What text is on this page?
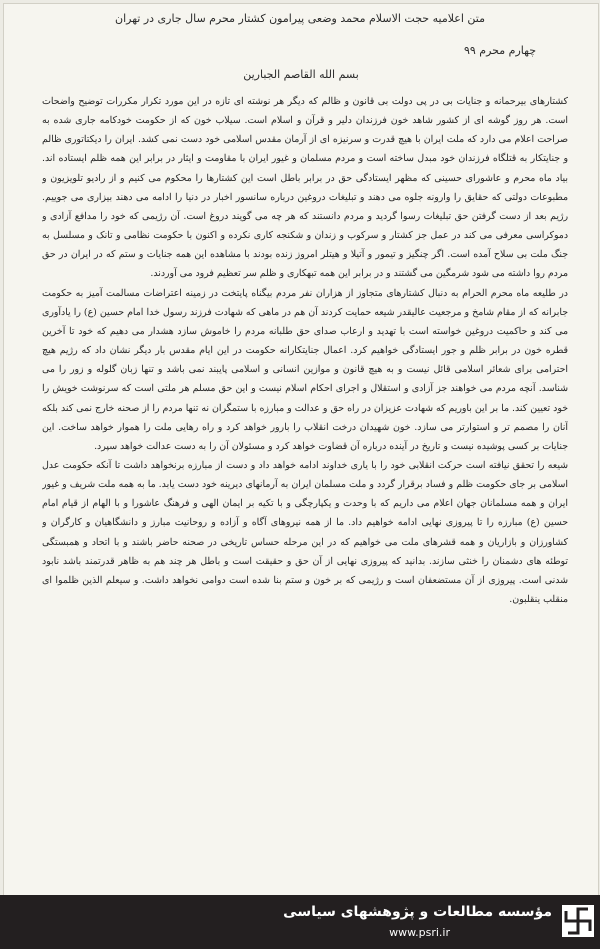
متن اعلامیه حجت الاسلام محمد وضعی پیرامون کشتار محرم سال جاری در تهران
چهارم محرم ۹۹
بسم الله القاصم الجبارین

کشتارهای بیرحمانه و جنایات بی در پی دولت بی قانون و ظالم که دیگر هر نوشته ای تازه در این مورد تکرار مکررات توضیح واضحات است. هر روز گوشه ای از کشور شاهد خون فرزندان دلیر و قرآن و اسلام است. سیلاب خون که از حکومت خودکامه جاری شده به صراحت اعلام می دارد که ملت ایران با هیچ قدرت و سرنیزه ای از آرمان مقدس اسلامی خود دست نمی کشد. ایران را دیکتاتوری ظالم و جنایتکار به قتلگاه فرزندان خود مبدل ساخته است و مردم مسلمان و غیور ایران با مقاومت و ایثار در برابر این همه ظلم ایستاده اند. بیاد ماه محرم و عاشورای حسینی که مظهر ایستادگی حق در برابر باطل است این کشتارها را محکوم می کنیم و از رادیو تلویزیون و مطبوعات دولتی که حقایق را وارونه جلوه می دهند و تبلیغات دروغین درباره سانسور اخبار در دنیا را ادامه می دهند بیزاری می جوییم. رژیم بعد از دست گرفتن حق تبلیغات رسوا گردید و مردم دانستند که هر چه می گویند دروغ است. آن رژیمی که خود را مدافع آزادی و دموکراسی معرفی می کند در عمل جز کشتار و سرکوب و زندان و شکنجه کاری نکرده و اکنون با حکومت نظامی و تانک و مسلسل به جنگ ملت بی سلاح آمده است. اگر چنگیز و تیمور و آتیلا و هیتلر امروز زنده بودند با مشاهده این همه جنایات و ستم که در ایران در حق مردم روا داشته می شود شرمگین می گشتند و در برابر این همه تبهکاری و ظلم سر تعظیم فرود می آوردند.

در طلیعه ماه محرم الحرام به دنبال کشتارهای متجاوز از هزاران نفر مردم بیگناه پایتخت در زمینه اعتراضات مسالمت آمیز به حکومت جابرانه که از مقام شامخ و مرجعیت عالیقدر شیعه حمایت کردند آن هم در ماهی که شهادت فرزند رسول خدا امام حسین (ع) را یادآوری می کند و حاکمیت دروغین خواسته است با تهدید و ارعاب صدای حق طلبانه مردم را خاموش سازد هشدار می دهیم که خود تا آخرین قطره خون در برابر ظلم و جور ایستادگی خواهیم کرد. اعمال جنایتکارانه حکومت در این ایام مقدس بار دیگر نشان داد که رژیم هیچ احترامی برای شعائر اسلامی قائل نیست و به هیچ قانون و موازین انسانی و اسلامی پایبند نمی باشد و تنها زبان گلوله و زور را می شناسد. آنچه مردم می خواهند جز آزادی و استقلال و اجرای احکام اسلام نیست و این حق مسلم هر ملتی است که سرنوشت خویش را خود تعیین کند. ما بر این باوریم که شهادت عزیزان در راه حق و عدالت و مبارزه با ستمگران نه تنها مردم را از صحنه خارج نمی کند بلکه آنان را مصمم تر و استوارتر می سازد. خون شهیدان درخت انقلاب را بارور خواهد کرد و راه رهایی ملت را هموار خواهد ساخت. این جنایات بر کسی پوشیده نیست و تاریخ در آینده درباره آن قضاوت خواهد کرد و مسئولان آن را به دست عدالت خواهد سپرد.

شیعه را تحقق نیافته است حرکت انقلابی خود را با یاری خداوند ادامه خواهد داد و دست از مبارزه برنخواهد داشت تا آنکه حکومت عدل اسلامی بر جای حکومت ظلم و فساد برقرار گردد و ملت مسلمان ایران به آرمانهای دیرینه خود دست یابد. ما به همه ملت شریف و غیور ایران و همه مسلمانان جهان اعلام می داریم که با وحدت و یکپارچگی و با تکیه بر ایمان الهی و فرهنگ عاشورا و با الهام از قیام امام حسین (ع) مبارزه را تا پیروزی نهایی ادامه خواهیم داد. ما از همه نیروهای آگاه و آزاده و روحانیت مبارز و دانشگاهیان و کارگران و کشاورزان و بازاریان و همه قشرهای ملت می خواهیم که در این مرحله حساس تاریخی در صحنه حاضر باشند و با اتحاد و همبستگی توطئه های دشمنان را خنثی سازند. بدانید که پیروزی نهایی از آن حق و حقیقت است و باطل هر چند هم به ظاهر قدرتمند باشد نابود شدنی است. پیروزی از آن مستضعفان است و رژیمی که بر خون و ستم بنا شده است دوامی نخواهد داشت. و سیعلم الذین ظلموا ای منقلب ینقلبون.

مؤسسه مطالعات و پژوهشهای سیاسی
www.psri.ir
